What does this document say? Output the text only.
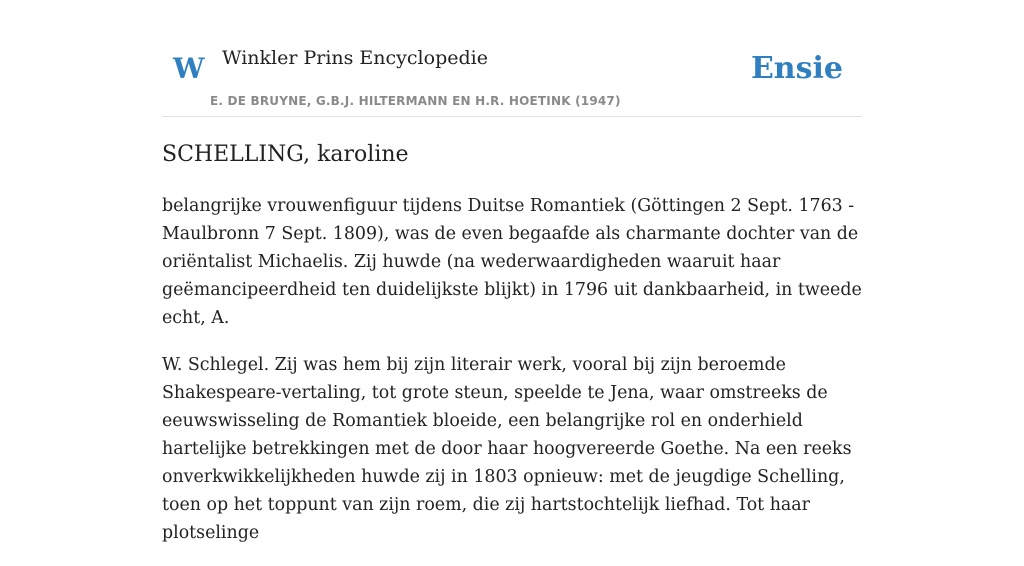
W Winkler Prins Encyclopedie
E. DE BRUYNE, G.B.J. HILTERMANN EN H.R. HOETINK (1947)
Ensie
SCHELLING, karoline

belangrijke vrouwenfiguur tijdens Duitse Romantiek (Göttingen 2 Sept. 1763 - Maulbronn 7 Sept. 1809), was de even begaafde als charmante dochter van de oriëntalist Michaelis. Zij huwde (na wederwaardigheden waaruit haar geëmancipeerdheid ten duidelijkste blijkt) in 1796 uit dankbaarheid, in tweede echt, A.

W. Schlegel. Zij was hem bij zijn literair werk, vooral bij zijn beroemde Shakespeare-vertaling, tot grote steun, speelde te Jena, waar omstreeks de eeuwswisseling de Romantiek bloeide, een belangrijke rol en onderhield hartelijke betrekkingen met de door haar hoogvereerde Goethe. Na een reeks onverkwikkelijkheden huwde zij in 1803 opnieuw: met de jeugdige Schelling, toen op het toppunt van zijn roem, die zij hartstochtelijk liefhad. Tot haar plotselinge
